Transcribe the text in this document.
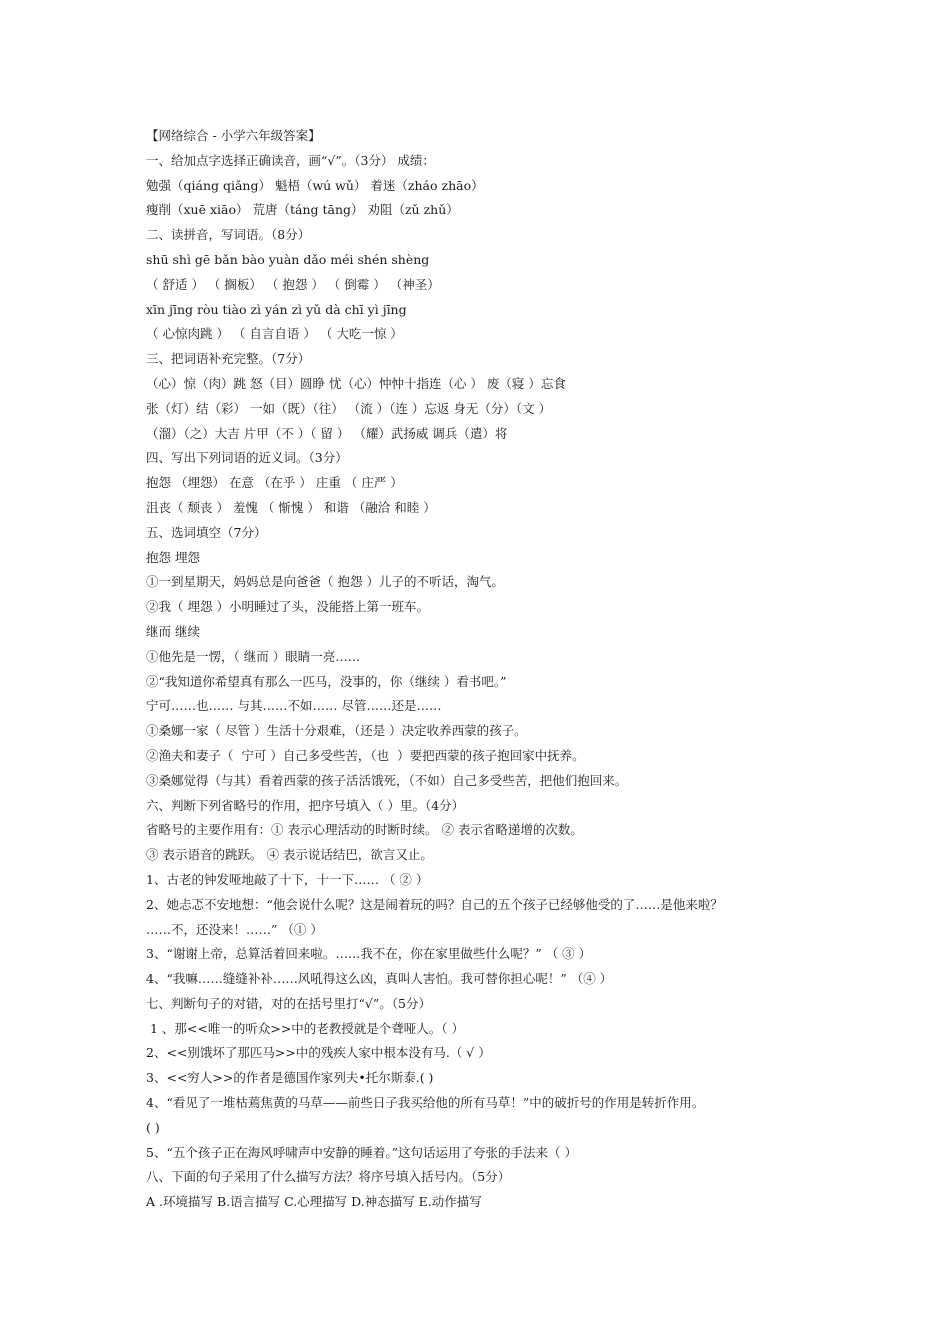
【网络综合 - 小学六年级答案】
一、给加点字选择正确读音，画“√”。（3分） 成绩：
勉强（qiáng qiǎng） 魁梧（wú wǔ） 着迷（zháo zhāo）
瘦削（xuē xiāo） 荒唐（táng tāng） 劝阻（zǔ zhǔ）
二、读拼音，写词语。（8分）
shū shì gē bǎn bào yuàn dǎo méi shén shèng
（ 舒适 ） （ 搁板） （ 抱怨 ） （ 倒霉 ） （神圣）
xīn jīng ròu tiào zì yán zì yǔ dà chī yì jīng
（ 心惊肉跳 ） （ 自言自语 ） （ 大吃一惊 ）
三、把词语补充完整。（7分）
（心）惊（肉）跳 怒（目）圆睁 忧（心）忡忡十指连（心 ） 废（寝 ）忘食
张（灯）结（彩） 一如（既）（往） （流 ）（连 ）忘返 身无（分）（文 ）
（溜）（之）大吉 片甲（不 ）（ 留 ） （耀）武扬威 调兵（遣）将
四、写出下列词语的近义词。（3分）
抱怨 （埋怨） 在意 （在乎 ） 庄重 （ 庄严 ）
沮丧（ 颓丧 ） 羞愧 （ 惭愧 ） 和谐 （融洽 和睦 ）
五、选词填空（7分）
抱怨 埋怨
①一到星期天，妈妈总是向爸爸（ 抱怨 ）儿子的不听话，淘气。
②我（ 埋怨 ）小明睡过了头，没能搭上第一班车。
继而 继续
①他先是一愣，（ 继而 ）眼睛一亮……
②“我知道你希望真有那么一匹马，没事的，你（继续 ）看书吧。”
宁可……也…… 与其……不如…… 尽管……还是……
①桑娜一家（ 尽管 ）生活十分艰难，（还是 ）决定收养西蒙的孩子。
②渔夫和妻子（  宁可 ）自己多受些苦，（也  ）要把西蒙的孩子抱回家中抚养。
③桑娜觉得（与其）看着西蒙的孩子活活饿死，（不如）自己多受些苦，把他们抱回来。
六、判断下列省略号的作用，把序号填入（ ）里。（4分）
省略号的主要作用有：① 表示心理活动的时断时续。 ② 表示省略递增的次数。
③ 表示语音的跳跃。 ④ 表示说话结巴，欲言又止。
1、古老的钟发哑地敲了十下，十一下…… （ ② ）
2、她忐忑不安地想：“他会说什么呢？这是闹着玩的吗？自己的五个孩子已经够他受的了……是他来啦？
……不，还没来！……” （① ）
3、“谢谢上帝，总算活着回来啦。……我不在，你在家里做些什么呢？” （ ③ ）
4、“我嘛……缝缝补补……风吼得这么凶，真叫人害怕。我可替你担心呢！” （④ ）
七、判断句子的对错，对的在括号里打“√”。（5分）
1 、那<<唯一的听众>>中的老教授就是个聋哑人。（ ）
2、<<别饿坏了那匹马>>中的残疾人家中根本没有马.（ √ ）
3、<<穷人>>的作者是德国作家列夫•托尔斯泰.( )
4、“看见了一堆枯蔫焦黄的马草——前些日子我买给他的所有马草！”中的破折号的作用是转折作用。
( )
5、“五个孩子正在海风呼啸声中安静的睡着。”这句话运用了夸张的手法来（ ）
八、下面的句子采用了什么描写方法？将序号填入括号内。（5分）
A .环境描写 B.语言描写 C.心理描写 D.神态描写 E.动作描写
